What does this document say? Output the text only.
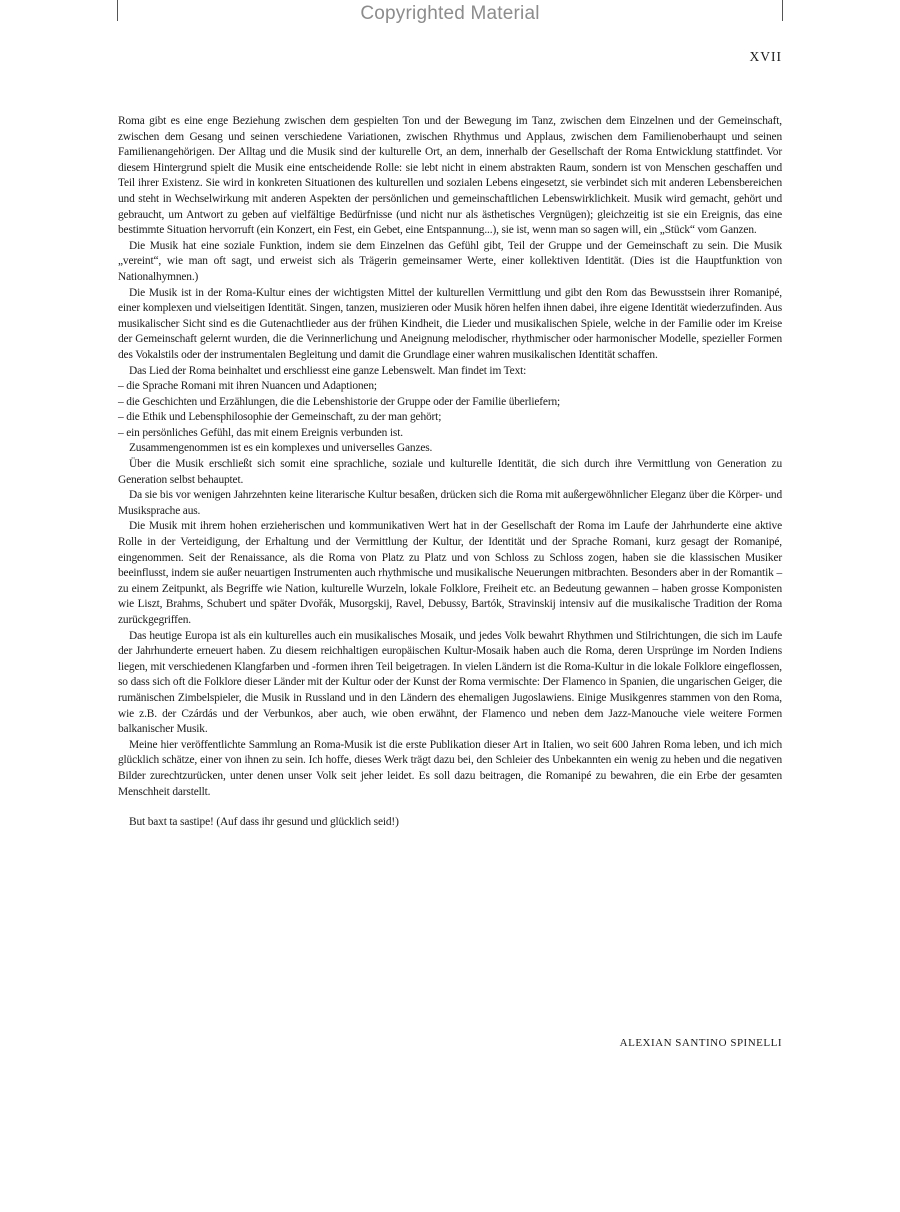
Copyrighted Material
XVII

Roma gibt es eine enge Beziehung zwischen dem gespielten Ton und der Bewegung im Tanz, zwischen dem Einzelnen und der Gemeinschaft, zwischen dem Gesang und seinen verschiedene Variationen, zwischen Rhythmus und Applaus, zwischen dem Familienoberhaupt und seinen Familienangehörigen. Der Alltag und die Musik sind der kulturelle Ort, an dem, innerhalb der Gesellschaft der Roma Entwicklung stattfindet. Vor diesem Hintergrund spielt die Musik eine entscheidende Rolle: sie lebt nicht in einem abstrakten Raum, sondern ist von Menschen geschaffen und Teil ihrer Existenz. Sie wird in konkreten Situationen des kulturellen und sozialen Lebens eingesetzt, sie verbindet sich mit anderen Lebensbereichen und steht in Wechselwirkung mit anderen Aspekten der persönlichen und gemeinschaftlichen Lebenswirklichkeit. Musik wird gemacht, gehört und gebraucht, um Antwort zu geben auf vielfältige Bedürfnisse (und nicht nur als ästhetisches Vergnügen); gleichzeitig ist sie ein Ereignis, das eine bestimmte Situation hervorruft (ein Konzert, ein Fest, ein Gebet, eine Entspannung...), sie ist, wenn man so sagen will, ein „Stück“ vom Ganzen.

Die Musik hat eine soziale Funktion, indem sie dem Einzelnen das Gefühl gibt, Teil der Gruppe und der Gemeinschaft zu sein. Die Musik „vereint“, wie man oft sagt, und erweist sich als Trägerin gemeinsamer Werte, einer kollektiven Identität. (Dies ist die Hauptfunktion von Nationalhymnen.)

Die Musik ist in der Roma-Kultur eines der wichtigsten Mittel der kulturellen Vermittlung und gibt den Rom das Bewusstsein ihrer Romanipé, einer komplexen und vielseitigen Identität. Singen, tanzen, musizieren oder Musik hören helfen ihnen dabei, ihre eigene Identität wiederzufinden. Aus musikalischer Sicht sind es die Gutenachtlieder aus der frühen Kindheit, die Lieder und musikalischen Spiele, welche in der Familie oder im Kreise der Gemeinschaft gelernt wurden, die die Verinnerlichung und Aneignung melodischer, rhythmischer oder harmonischer Modelle, spezieller Formen des Vokalstils oder der instrumentalen Begleitung und damit die Grundlage einer wahren musikalischen Identität schaffen.

Das Lied der Roma beinhaltet und erschliesst eine ganze Lebenswelt. Man findet im Text:

– die Sprache Romani mit ihren Nuancen und Adaptionen;

– die Geschichten und Erzählungen, die die Lebenshistorie der Gruppe oder der Familie überliefern;

– die Ethik und Lebensphilosophie der Gemeinschaft, zu der man gehört;

– ein persönliches Gefühl, das mit einem Ereignis verbunden ist.

Zusammengenommen ist es ein komplexes und universelles Ganzes.

Über die Musik erschließt sich somit eine sprachliche, soziale und kulturelle Identität, die sich durch ihre Vermittlung von Generation zu Generation selbst behauptet.

Da sie bis vor wenigen Jahrzehnten keine literarische Kultur besaßen, drücken sich die Roma mit außergewöhnlicher Eleganz über die Körper- und Musiksprache aus.

Die Musik mit ihrem hohen erzieherischen und kommunikativen Wert hat in der Gesellschaft der Roma im Laufe der Jahrhunderte eine aktive Rolle in der Verteidigung, der Erhaltung und der Vermittlung der Kultur, der Identität und der Sprache Romani, kurz gesagt der Romanipé, eingenommen. Seit der Renaissance, als die Roma von Platz zu Platz und von Schloss zu Schloss zogen, haben sie die klassischen Musiker beeinflusst, indem sie außer neuartigen Instrumenten auch rhythmische und musikalische Neuerungen mitbrachten. Besonders aber in der Romantik – zu einem Zeitpunkt, als Begriffe wie Nation, kulturelle Wurzeln, lokale Folklore, Freiheit etc. an Bedeutung gewannen – haben grosse Komponisten wie Liszt, Brahms, Schubert und später Dvořák, Musorgskij, Ravel, Debussy, Bartók, Stravinskij intensiv auf die musikalische Tradition der Roma zurückgegriffen.

Das heutige Europa ist als ein kulturelles auch ein musikalisches Mosaik, und jedes Volk bewahrt Rhythmen und Stilrichtungen, die sich im Laufe der Jahrhunderte erneuert haben. Zu diesem reichhaltigen europäischen Kultur-Mosaik haben auch die Roma, deren Ursprünge im Norden Indiens liegen, mit verschiedenen Klangfarben und -formen ihren Teil beigetragen. In vielen Ländern ist die Roma-Kultur in die lokale Folklore eingeflossen, so dass sich oft die Folklore dieser Länder mit der Kultur oder der Kunst der Roma vermischte: Der Flamenco in Spanien, die ungarischen Geiger, die rumänischen Zimbelspieler, die Musik in Russland und in den Ländern des ehemaligen Jugoslawiens. Einige Musikgenres stammen von den Roma, wie z.B. der Czárdás und der Verbunkos, aber auch, wie oben erwähnt, der Flamenco und neben dem Jazz-Manouche viele weitere Formen balkanischer Musik.

Meine hier veröffentlichte Sammlung an Roma-Musik ist die erste Publikation dieser Art in Italien, wo seit 600 Jahren Roma leben, und ich mich glücklich schätze, einer von ihnen zu sein. Ich hoffe, dieses Werk trägt dazu bei, den Schleier des Unbekannten ein wenig zu heben und die negativen Bilder zurechtzurücken, unter denen unser Volk seit jeher leidet. Es soll dazu beitragen, die Romanipé zu bewahren, die ein Erbe der gesamten Menschheit darstellt.

But baxt ta sastipe! (Auf dass ihr gesund und glücklich seid!)

ALEXIAN SANTINO SPINELLI
